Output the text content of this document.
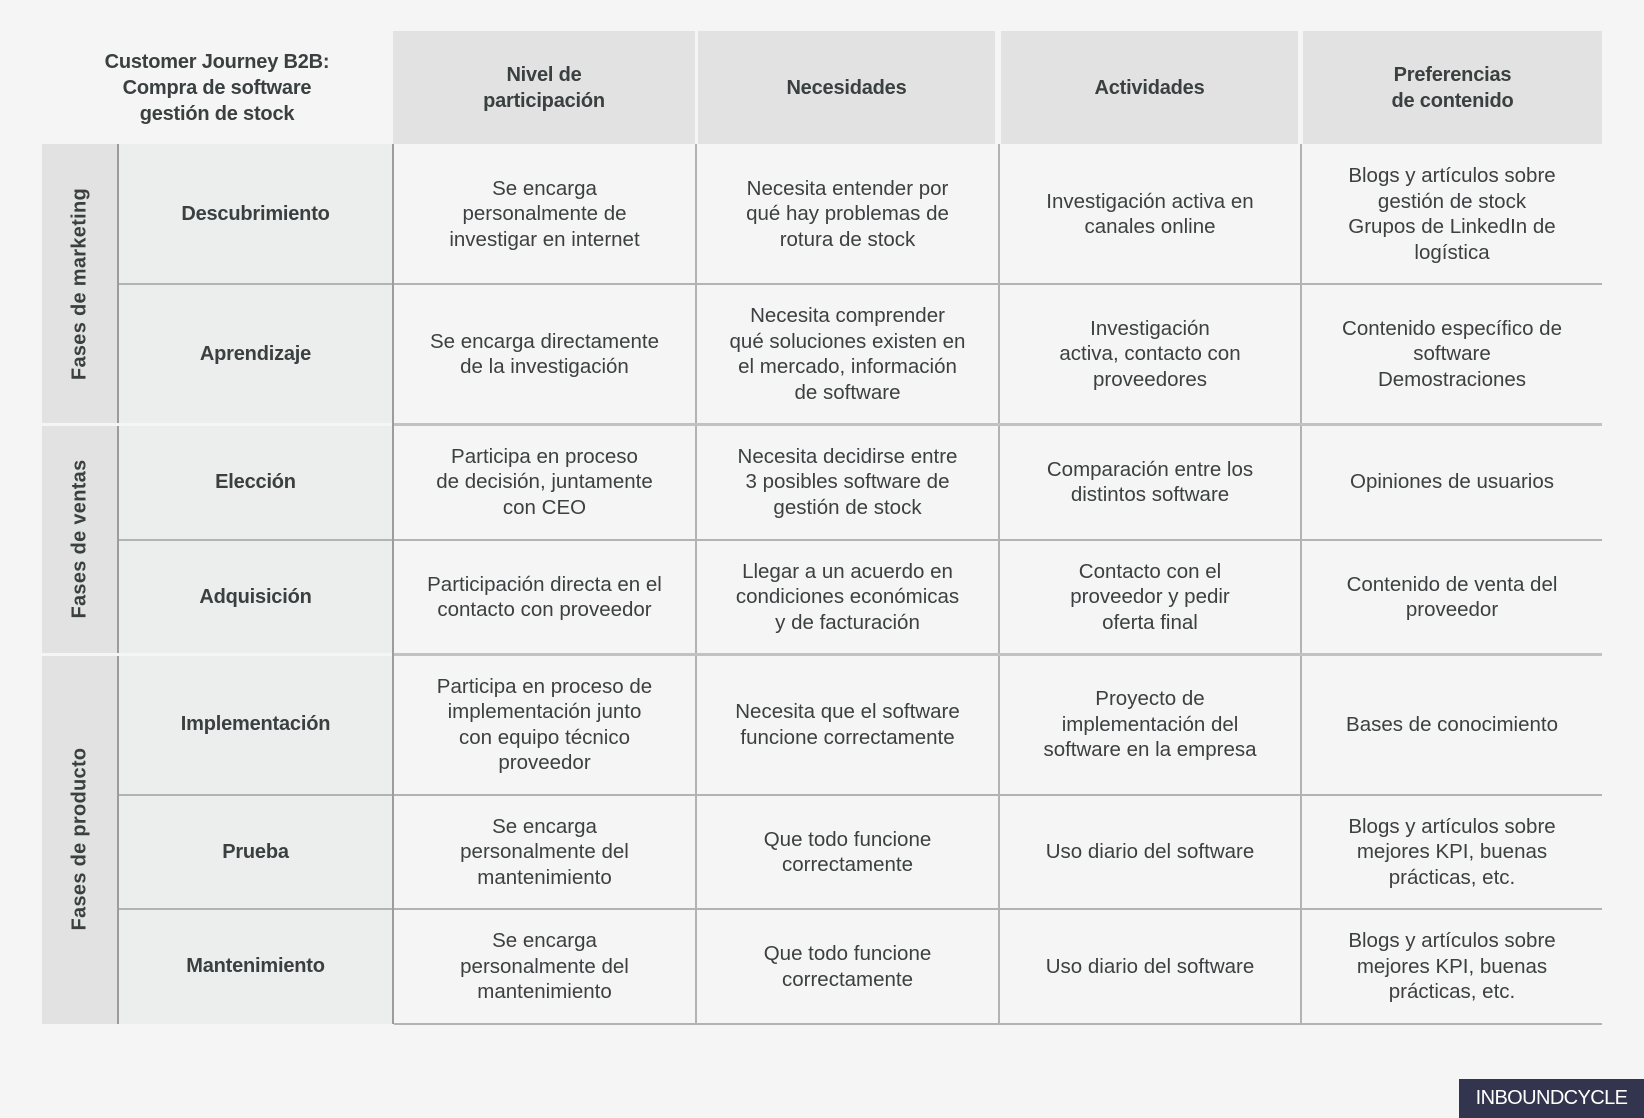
Customer Journey B2B:
Compra de software
gestión de stock
Nivel de
participación
Necesidades	Actividades
Preferencias
de contenido
Fases de marketing
Fases de ventas
Fases de producto
Descubrimiento
Se encarga
personalmente de
investigar en internet
Necesita entender por
qué hay problemas de
rotura de stock
Investigación activa en
canales online
Blogs y artículos sobre
gestión de stock
Grupos de LinkedIn de
logística
Aprendizaje
Se encarga directamente
de la investigación
Necesita comprender
qué soluciones existen en
el mercado, información
de software
Investigación
activa, contacto con
proveedores
Contenido específico de
software
Demostraciones
Elección
Participa en proceso
de decisión, juntamente
con CEO
Necesita decidirse entre
3 posibles software de
gestión de stock
Comparación entre los
distintos software
Opiniones de usuarios
Adquisición
Participación directa en el
contacto con proveedor
Llegar a un acuerdo en
condiciones económicas
y de facturación
Contacto con el
proveedor y pedir
oferta final
Contenido de venta del
proveedor
Implementación
Participa en proceso de
implementación junto
con equipo técnico
proveedor
Necesita que el software
funcione correctamente
Proyecto de
implementación del
software en la empresa
Bases de conocimiento
Prueba
Se encarga
personalmente del
mantenimiento
Que todo funcione
correctamente
Uso diario del software
Blogs y artículos sobre
mejores KPI, buenas
prácticas, etc.
Mantenimiento
Se encarga
personalmente del
mantenimiento
Que todo funcione
correctamente
Uso diario del software
Blogs y artículos sobre
mejores KPI, buenas
prácticas, etc.
INBOUNDCYCLE
